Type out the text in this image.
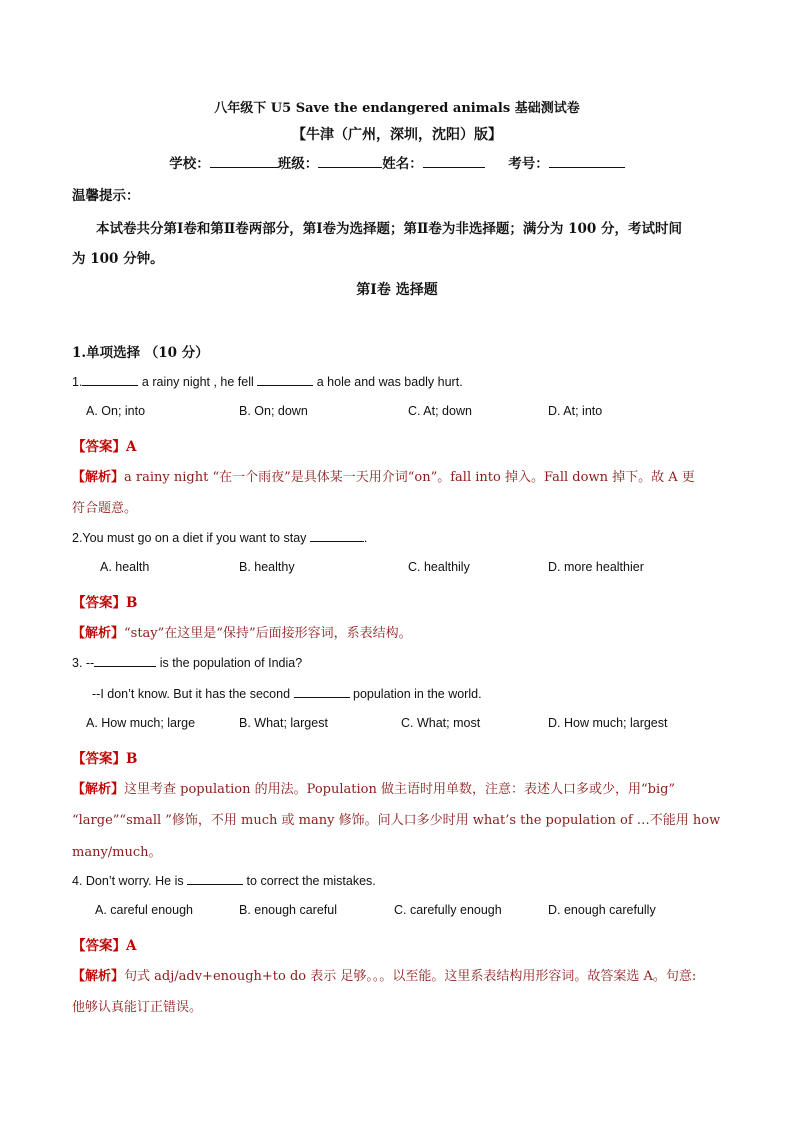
八年级下 U5 Save the endangered animals 基础测试卷
【牛津（广州，深圳，沈阳）版】
学校：	班级：	姓名：	考号：
温馨提示：
本试卷共分第Ⅰ卷和第Ⅱ卷两部分，第Ⅰ卷为选择题；第Ⅱ卷为非选择题；满分为 100 分，考试时间
为 100 分钟。
第Ⅰ卷 选择题
1.单项选择 （10 分）
1.	a rainy night , he fell	a hole and was badly hurt.
A. On; into	B. On; down	C. At; down	D. At; into
【答案】A
【解析】a rainy night “在一个雨夜”是具体某一天用介词“on”。fall into 掉入。Fall down 掉下。故 A 更
符合题意。
2.You must go on a diet if you want to stay	.
A. health	B. healthy	C. healthily	D. more healthier
【答案】B
【解析】“stay”在这里是“保持”后面接形容词，系表结构。
3. --	is the population of India?
--I don’t know. But it has the second	population in the world.
A. How much; large	B. What; largest	C. What; most	D. How much; largest
【答案】B
【解析】这里考查 population 的用法。Population 做主语时用单数，注意：表述人口多或少，用“big”
“large”“small ”修饰，不用 much 或 many 修饰。问人口多少时用 what’s the population of …不能用 how
many/much。
4. Don’t worry. He is	to correct the mistakes.
A. careful enough	B. enough careful	C. carefully enough	D. enough carefully
【答案】A
【解析】句式 adj/adv+enough+to do 表示 足够。。。以至能。这里系表结构用形容词。故答案选 A。句意:
他够认真能订正错误。
